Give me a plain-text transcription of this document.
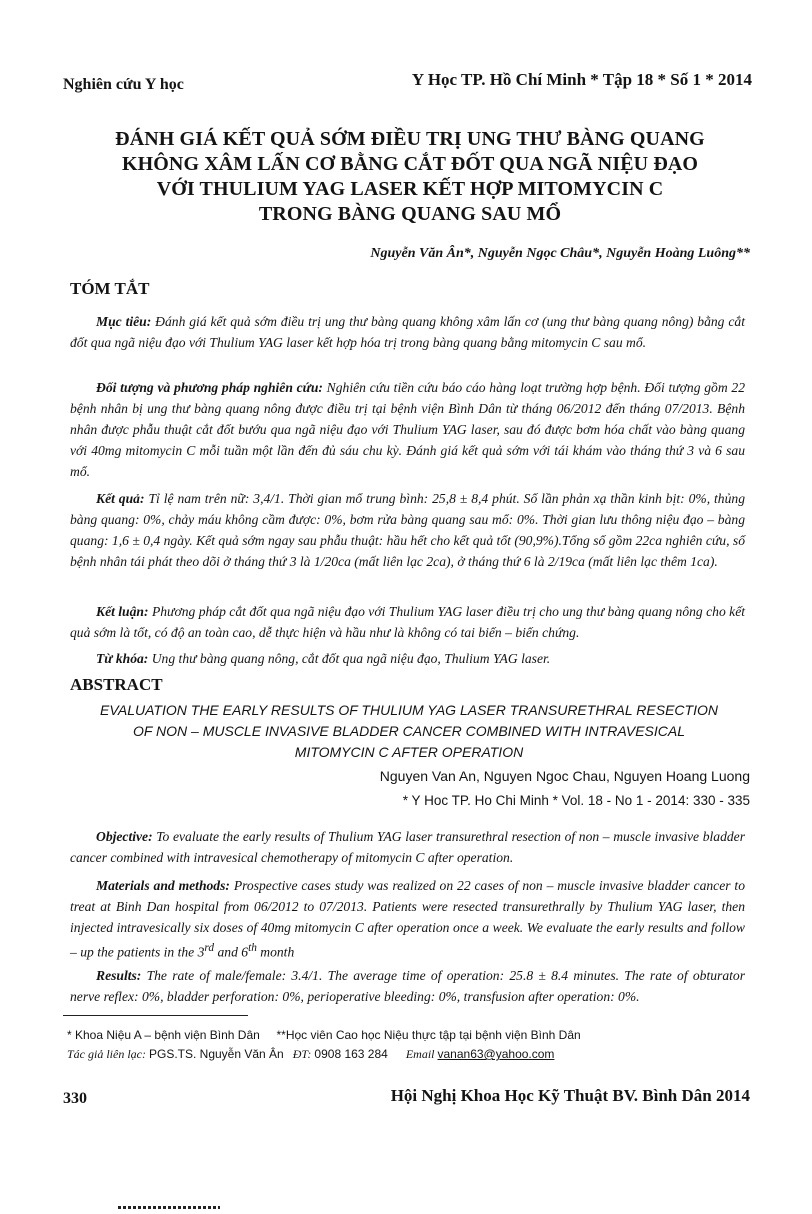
Nghiên cứu Y học	Y Học TP. Hồ Chí Minh * Tập 18 * Số 1 * 2014
ĐÁNH GIÁ KẾT QUẢ SỚM ĐIỀU TRỊ UNG THƯ BÀNG QUANG
KHÔNG XÂM LẤN CƠ BẰNG CẮT ĐỐT QUA NGÃ NIỆU ĐẠO
VỚI THULIUM YAG LASER KẾT HỢP MITOMYCIN C
TRONG BÀNG QUANG SAU MỔ
Nguyễn Văn Ân*, Nguyễn Ngọc Châu*, Nguyễn Hoàng Luông**
TÓM TẮT
Mục tiêu: Đánh giá kết quả sớm điều trị ung thư bàng quang không xâm lấn cơ (ung thư bàng quang nông) bằng cắt đốt qua ngã niệu đạo với Thulium YAG laser kết hợp hóa trị trong bàng quang bằng mitomycin C sau mổ.
Đối tượng và phương pháp nghiên cứu: Nghiên cứu tiền cứu báo cáo hàng loạt trường hợp bệnh. Đối tượng gồm 22 bệnh nhân bị ung thư bàng quang nông được điều trị tại bệnh viện Bình Dân từ tháng 06/2012 đến tháng 07/2013. Bệnh nhân được phẫu thuật cắt đốt bướu qua ngã niệu đạo với Thulium YAG laser, sau đó được bơm hóa chất vào bàng quang với 40mg mitomycin C mỗi tuần một lần đến đủ sáu chu kỳ. Đánh giá kết quả sớm với tái khám vào tháng thứ 3 và 6 sau mổ.
Kết quả: Tỉ lệ nam trên nữ: 3,4/1. Thời gian mổ trung bình: 25,8 ± 8,4 phút. Số lần phản xạ thần kinh bịt: 0%, thủng bàng quang: 0%, chảy máu không cầm được: 0%, bơm rửa bàng quang sau mổ: 0%. Thời gian lưu thông niệu đạo – bàng quang: 1,6 ± 0,4 ngày. Kết quả sớm ngay sau phẫu thuật: hầu hết cho kết quả tốt (90,9%).Tổng số gồm 22ca nghiên cứu, số bệnh nhân tái phát theo dõi ở tháng thứ 3 là 1/20ca (mất liên lạc 2ca), ở tháng thứ 6 là 2/19ca (mất liên lạc thêm 1ca).
Kết luận: Phương pháp cắt đốt qua ngã niệu đạo với Thulium YAG laser điều trị cho ung thư bàng quang nông cho kết quả sớm là tốt, có độ an toàn cao, dễ thực hiện và hầu như là không có tai biến – biến chứng.
Từ khóa: Ung thư bàng quang nông, cắt đốt qua ngã niệu đạo, Thulium YAG laser.
ABSTRACT
EVALUATION THE EARLY RESULTS OF THULIUM YAG LASER TRANSURETHRAL RESECTION
OF NON – MUSCLE INVASIVE BLADDER CANCER COMBINED WITH INTRAVESICAL
MITOMYCIN C AFTER OPERATION
Nguyen Van An, Nguyen Ngoc Chau, Nguyen Hoang Luong
* Y Hoc TP. Ho Chi Minh * Vol. 18 - No 1 - 2014: 330 - 335
Objective: To evaluate the early results of Thulium YAG laser transurethral resection of non – muscle invasive bladder cancer combined with intravesical chemotherapy of mitomycin C after operation.
Materials and methods: Prospective cases study was realized on 22 cases of non – muscle invasive bladder cancer to treat at Binh Dan hospital from 06/2012 to 07/2013. Patients were resected transurethrally by Thulium YAG laser, then injected intravesically six doses of 40mg mitomycin C after operation once a week. We evaluate the early results and follow – up the patients in the 3rd and 6th month
Results: The rate of male/female: 3.4/1. The average time of operation: 25.8 ± 8.4 minutes. The rate of obturator nerve reflex: 0%, bladder perforation: 0%, perioperative bleeding: 0%, transfusion after operation: 0%.
* Khoa Niệu A – bệnh viện Bình Dân     **Học viên Cao học Niệu thực tập tại bệnh viện Bình Dân
Tác giả liên lạc: PGS.TS. Nguyễn Văn Ân ĐT: 0908 163 284 Email vanan63@yahoo.com
330	Hội Nghị Khoa Học Kỹ Thuật BV. Bình Dân 2014
